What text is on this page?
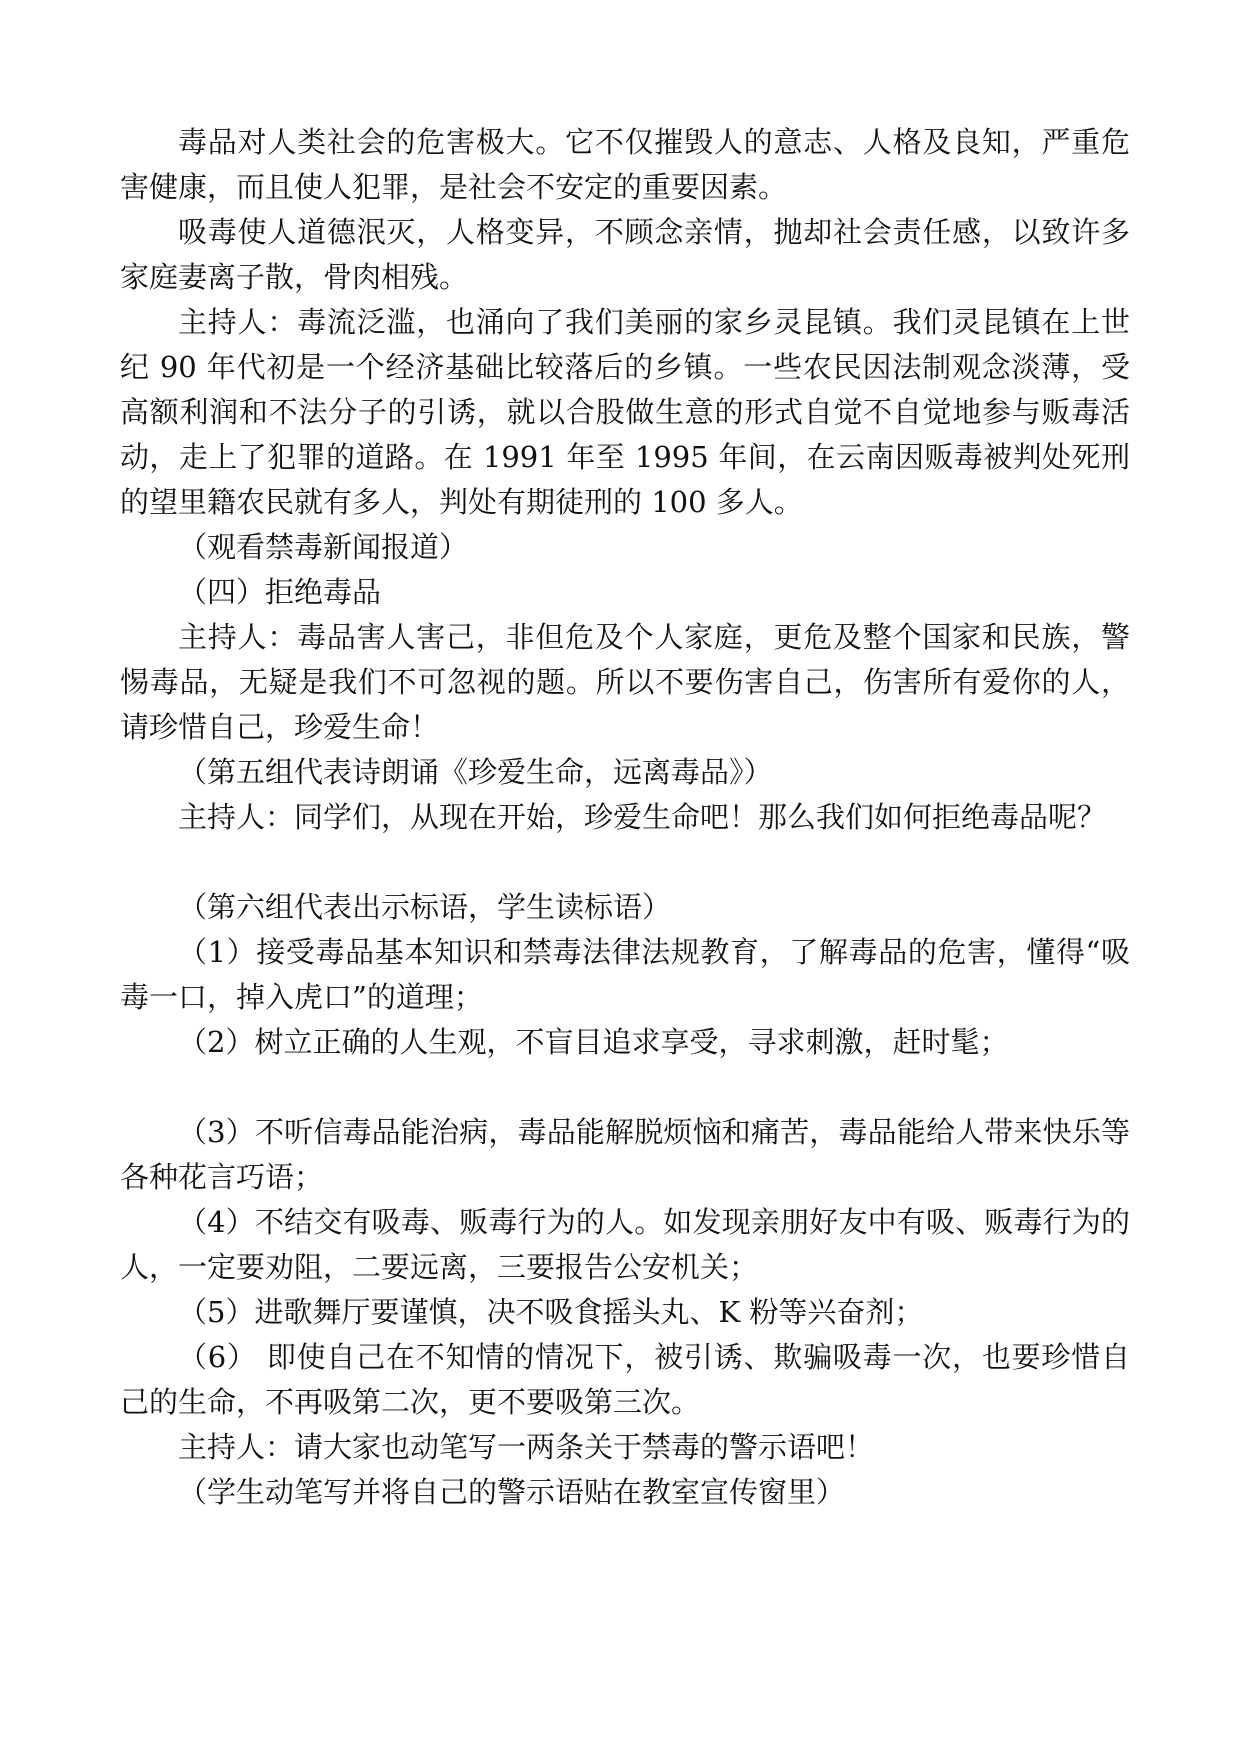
毒品对人类社会的危害极大。它不仅摧毁人的意志、人格及良知，严重危害健康，而且使人犯罪，是社会不安定的重要因素。

吸毒使人道德泯灭，人格变异，不顾念亲情，抛却社会责任感，以致许多家庭妻离子散，骨肉相残。

主持人：毒流泛滥，也涌向了我们美丽的家乡灵昆镇。我们灵昆镇在上世纪 90 年代初是一个经济基础比较落后的乡镇。一些农民因法制观念淡薄，受高额利润和不法分子的引诱，就以合股做生意的形式自觉不自觉地参与贩毒活动，走上了犯罪的道路。在 1991 年至 1995 年间，在云南因贩毒被判处死刑的望里籍农民就有多人，判处有期徒刑的 100 多人。

（观看禁毒新闻报道）

（四）拒绝毒品

主持人：毒品害人害己，非但危及个人家庭，更危及整个国家和民族，警惕毒品，无疑是我们不可忽视的题。所以不要伤害自己，伤害所有爱你的人，请珍惜自己，珍爱生命！

（第五组代表诗朗诵《珍爱生命，远离毒品》）

主持人：同学们，从现在开始，珍爱生命吧！那么我们如何拒绝毒品呢？

（第六组代表出示标语，学生读标语）

（1）接受毒品基本知识和禁毒法律法规教育，了解毒品的危害，懂得“吸毒一口，掉入虎口”的道理；

（2）树立正确的人生观，不盲目追求享受，寻求刺激，赶时髦；

（3）不听信毒品能治病，毒品能解脱烦恼和痛苦，毒品能给人带来快乐等各种花言巧语；

（4）不结交有吸毒、贩毒行为的人。如发现亲朋好友中有吸、贩毒行为的人，一定要劝阻，二要远离，三要报告公安机关；

（5）进歌舞厅要谨慎，决不吸食摇头丸、K 粉等兴奋剂；

（6） 即使自己在不知情的情况下，被引诱、欺骗吸毒一次，也要珍惜自己的生命，不再吸第二次，更不要吸第三次。

主持人：请大家也动笔写一两条关于禁毒的警示语吧！

（学生动笔写并将自己的警示语贴在教室宣传窗里）
